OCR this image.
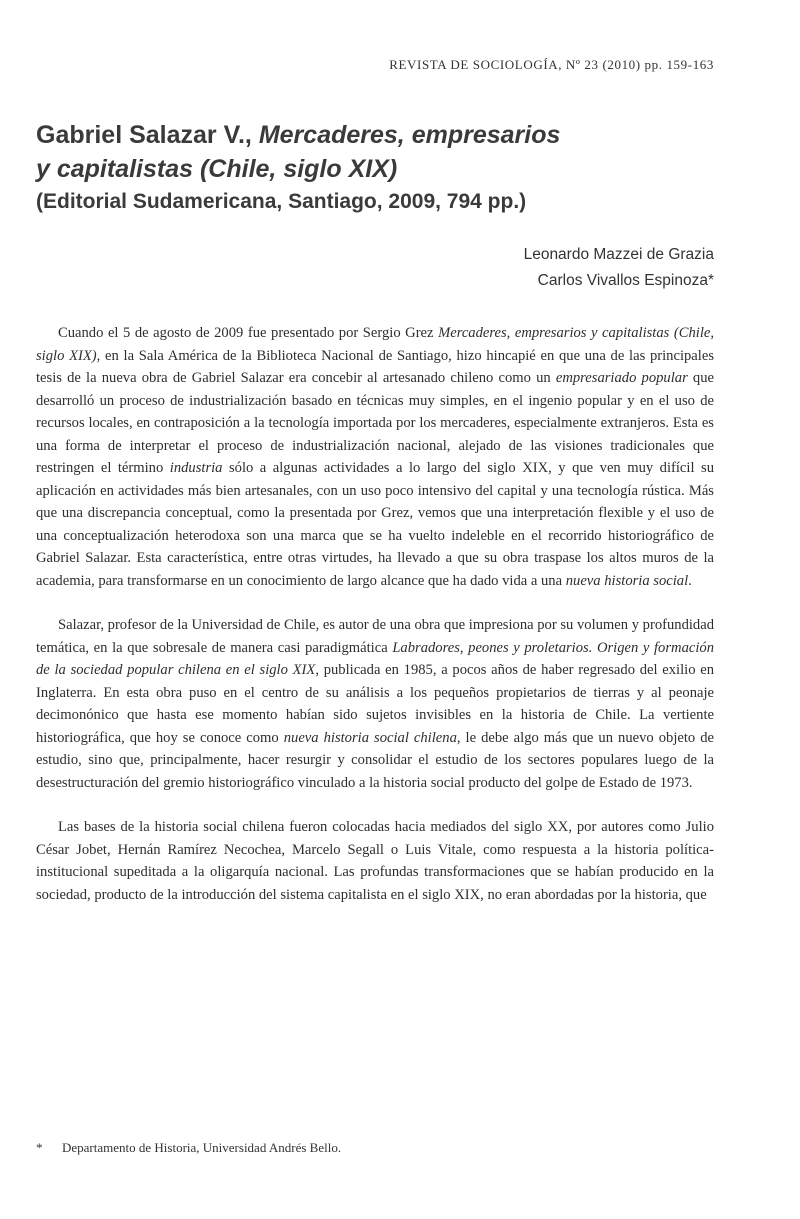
REVISTA DE SOCIOLOGÍA, Nº 23 (2010) pp. 159-163
Gabriel Salazar V., Mercaderes, empresarios
y capitalistas (Chile, siglo XIX)
(Editorial Sudamericana, Santiago, 2009, 794 pp.)
Leonardo Mazzei de Grazia
Carlos Vivallos Espinoza*

Cuando el 5 de agosto de 2009 fue presentado por Sergio Grez Mercaderes, empresarios y capitalistas (Chile, siglo XIX), en la Sala América de la Biblioteca Nacional de Santiago, hizo hincapié en que una de las principales tesis de la nueva obra de Gabriel Salazar era concebir al artesanado chileno como un empresariado popular que desarrolló un proceso de industrialización basado en técnicas muy simples, en el ingenio popular y en el uso de recursos locales, en contraposición a la tecnología importada por los mercaderes, especialmente extranjeros. Esta es una forma de interpretar el proceso de industrialización nacional, alejado de las visiones tradicionales que restringen el término industria sólo a algunas actividades a lo largo del siglo XIX, y que ven muy difícil su aplicación en actividades más bien artesanales, con un uso poco intensivo del capital y una tecnología rústica. Más que una discrepancia conceptual, como la presentada por Grez, vemos que una interpretación flexible y el uso de una conceptualización heterodoxa son una marca que se ha vuelto indeleble en el recorrido historiográfico de Gabriel Salazar. Esta característica, entre otras virtudes, ha llevado a que su obra traspase los altos muros de la academia, para transformarse en un conocimiento de largo alcance que ha dado vida a una nueva historia social.

Salazar, profesor de la Universidad de Chile, es autor de una obra que impresiona por su volumen y profundidad temática, en la que sobresale de manera casi paradigmática Labradores, peones y proletarios. Origen y formación de la sociedad popular chilena en el siglo XIX, publicada en 1985, a pocos años de haber regresado del exilio en Inglaterra. En esta obra puso en el centro de su análisis a los pequeños propietarios de tierras y al peonaje decimonónico que hasta ese momento habían sido sujetos invisibles en la historia de Chile. La vertiente historiográfica, que hoy se conoce como nueva historia social chilena, le debe algo más que un nuevo objeto de estudio, sino que, principalmente, hacer resurgir y consolidar el estudio de los sectores populares luego de la desestructuración del gremio historiográfico vinculado a la historia social producto del golpe de Estado de 1973.

Las bases de la historia social chilena fueron colocadas hacia mediados del siglo XX, por autores como Julio César Jobet, Hernán Ramírez Necochea, Marcelo Segall o Luis Vitale, como respuesta a la historia política-institucional supeditada a la oligarquía nacional. Las profundas transformaciones que se habían producido en la sociedad, producto de la introducción del sistema capitalista en el siglo XIX, no eran abordadas por la historia, que

* Departamento de Historia, Universidad Andrés Bello.
